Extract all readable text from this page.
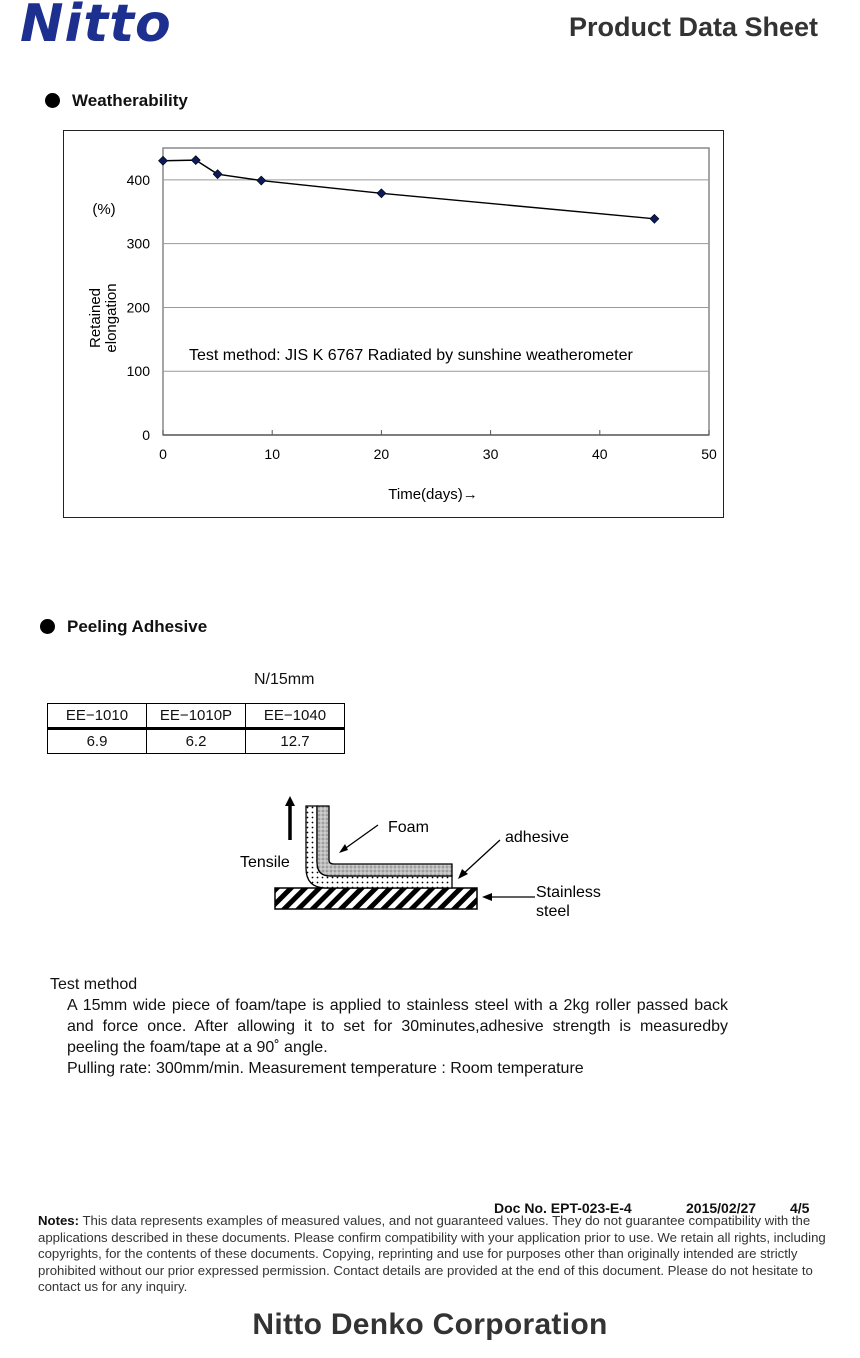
Nitto	Product Data Sheet
Weatherability
0
100
200
300
400
0	10	20	30	40	50
Time(days)→
(%)
Retainedelongation
Test method: JIS K 6767 Radiated by sunshine weatherometer
Peeling Adhesive
N/15mm
EE−1010	EE−1010P	EE−1040
6.9	6.2	12.7
Foam
adhesive
Tensile
Stainless
steel
Test method
A 15mm wide piece of foam/tape is applied to stainless steel with a 2kg roller passed back and force once. After allowing it to set for 30minutes,adhesive strength is measuredby peeling the foam/tape at a 90˚ angle.
Pulling rate: 300mm/min. Measurement temperature : Room temperature
Doc No. EPT-023-E-4	2015/02/27 4/5
Notes: This data represents examples of measured values, and not guaranteed values. They do not guarantee compatibility with the applications described in these documents. Please confirm compatibility with your application prior to use. We retain all rights, including copyrights, for the contents of these documents. Copying, reprinting and use for purposes other than originally intended are strictly prohibited without our prior expressed permission. Contact details are provided at the end of this document. Please do not hesitate to contact us for any inquiry.
Nitto Denko Corporation
